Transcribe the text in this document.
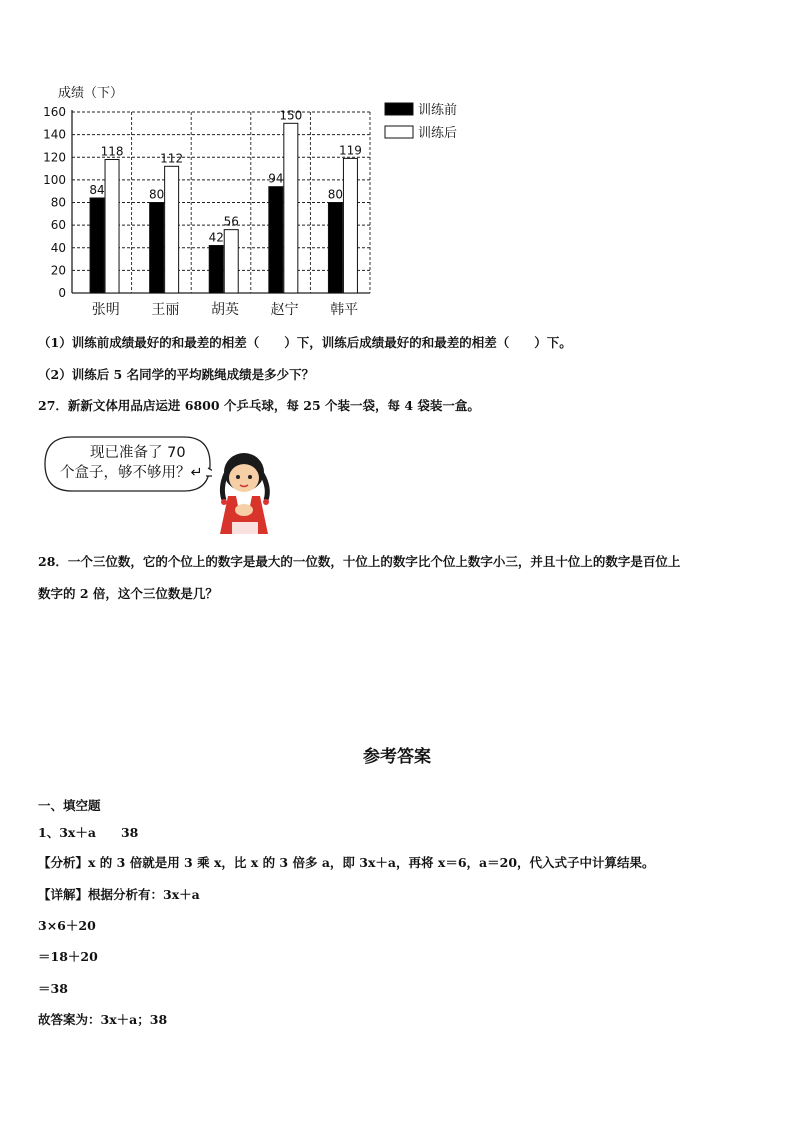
0
20
40
60
80
100
120
140
160
84
118
80
112
42
56
94
150
80
119
张明 王丽 胡英 赵宁 韩平
成绩（下）
训练前
训练后
（1）训练前成绩最好的和最差的相差（　　）下，训练后成绩最好的和最差的相差（　　）下。
（2）训练后 5 名同学的平均跳绳成绩是多少下？
27．新新文体用品店运进 6800 个乒乓球，每 25 个装一袋，每 4 袋装一盒。
现已准备了 70
个盒子，够不够用？↵
28．一个三位数，它的个位上的数字是最大的一位数，十位上的数字比个位上数字小三，并且十位上的数字是百位上
数字的 2 倍，这个三位数是几？
参考答案
一、填空题
1、3x＋a　　38
【分析】x 的 3 倍就是用 3 乘 x，比 x 的 3 倍多 a，即 3x＋a，再将 x＝6，a＝20，代入式子中计算结果。
【详解】根据分析有：3x＋a
3×6＋20
＝18＋20
＝38
故答案为：3x＋a；38
